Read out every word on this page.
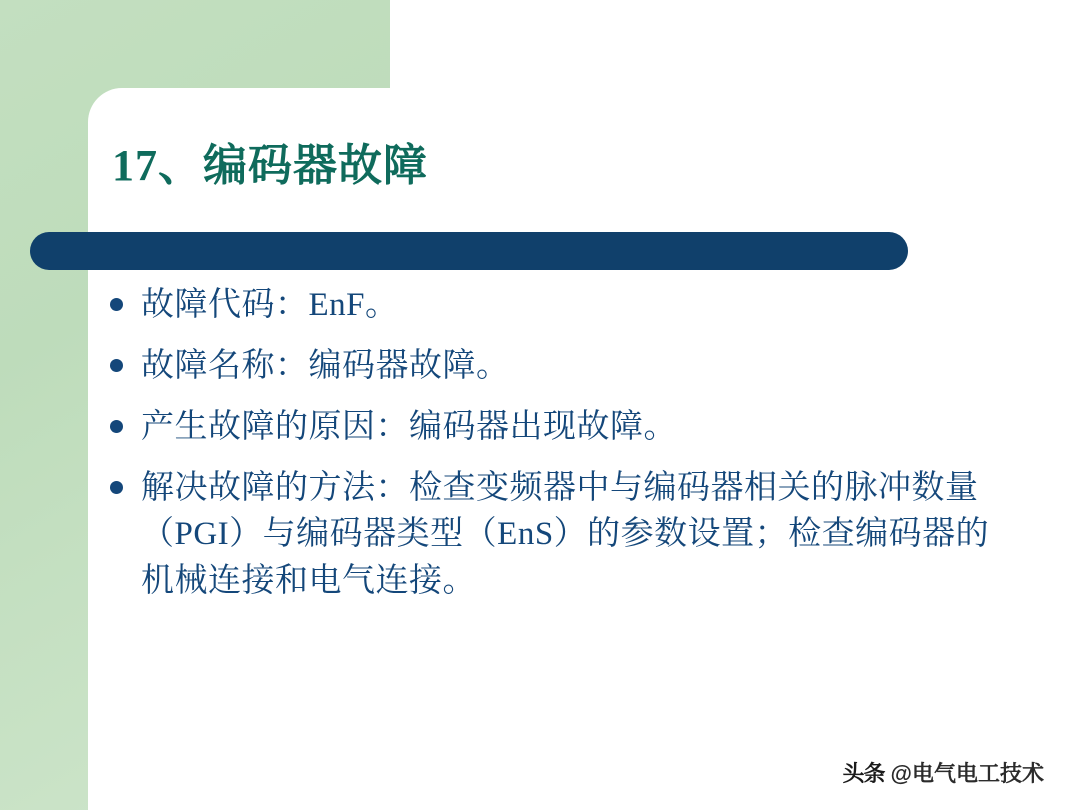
17、编码器故障
故障代码：EnF。
故障名称：编码器故障。
产生故障的原因：编码器出现故障。
解决故障的方法：检查变频器中与编码器相关的脉冲数量（PGI）与编码器类型（EnS）的参数设置；检查编码器的机械连接和电气连接。
头条 @电气电工技术
